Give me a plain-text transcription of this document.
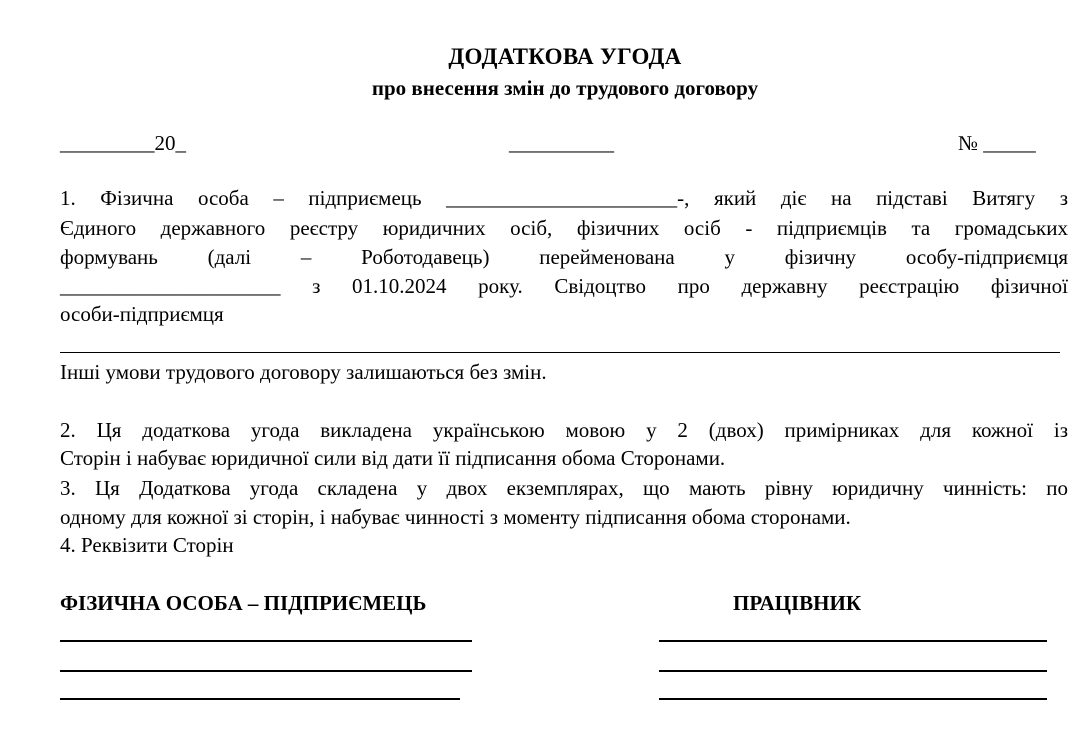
ДОДАТКОВА УГОДА
про внесення змін до трудового договору
_________20_	__________	№ _____
1. Фізична особа – підприємець ______________________-, який діє на підставі Витягу з
Єдиного державного реєстру юридичних осіб, фізичних осіб - підприємців та громадських
формувань (далі – Роботодавець) перейменована у фізичну особу-підприємця
_____________________ з 01.10.2024 року. Свідоцтво про державну реєстрацію фізичної
особи-підприємця
Інші умови трудового договору залишаються без змін.
2. Ця додаткова угода викладена українською мовою у 2 (двох) примірниках для кожної із
Сторін і набуває юридичної сили від дати її підписання обома Сторонами.
3. Ця Додаткова угода складена у двох екземплярах, що мають рівну юридичну чинність: по
одному для кожної зі сторін, і набуває чинності з моменту підписання обома сторонами.
4. Реквізити Сторін
ФІЗИЧНА ОСОБА – ПІДПРИЄМЕЦЬ	ПРАЦІВНИК
